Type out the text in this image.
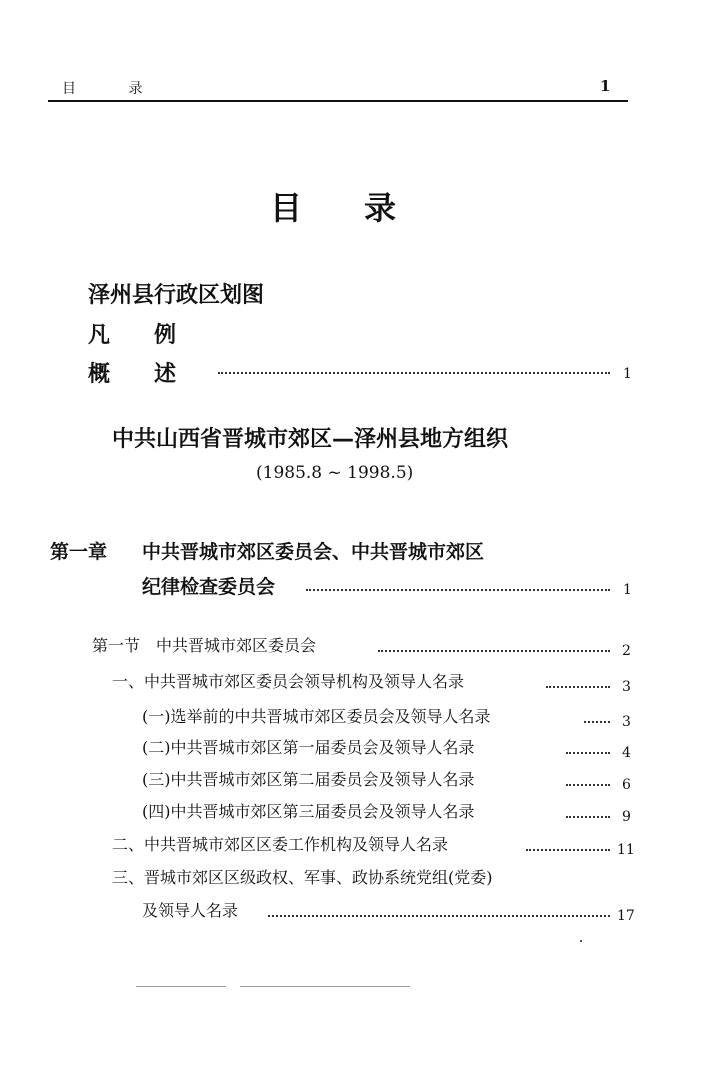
目 录	1
目录
泽州县行政区划图
凡例
概述	1
中共山西省晋城市郊区—泽州县地方组织
(1985.8 ~ 1998.5)
第一章 中共晋城市郊区委员会、中共晋城市郊区
纪律检查委员会	1
第一节　中共晋城市郊区委员会	2
一、中共晋城市郊区委员会领导机构及领导人名录	3
(一)选举前的中共晋城市郊区委员会及领导人名录	3
(二)中共晋城市郊区第一届委员会及领导人名录	4
(三)中共晋城市郊区第二届委员会及领导人名录	6
(四)中共晋城市郊区第三届委员会及领导人名录	9
二、中共晋城市郊区区委工作机构及领导人名录	11
三、晋城市郊区区级政权、军事、政协系统党组(党委)
及领导人名录	17
